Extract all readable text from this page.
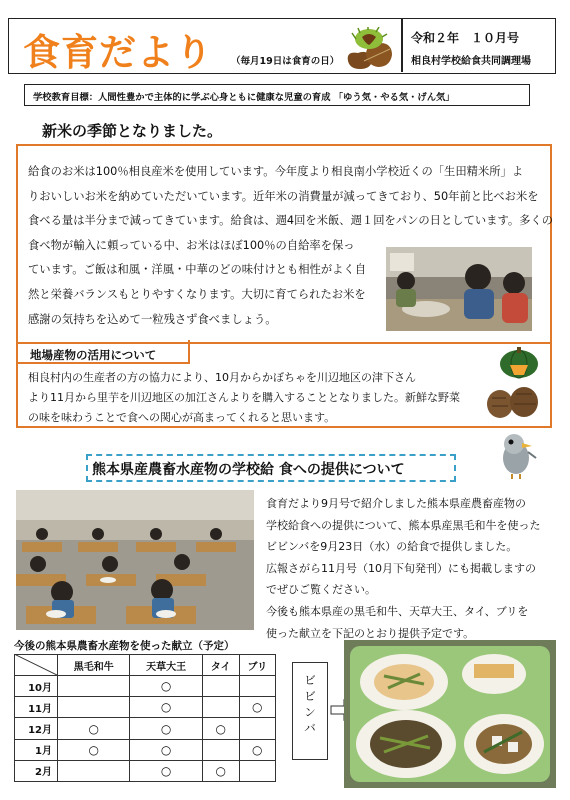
食育だより （毎月19日は食育の日）
令和２年　１０月号
相良村学校給食共同調理場
学校教育目標：人間性豊かで主体的に学ぶ心身ともに健康な児童の育成 「ゆう気・やる気・げん気」
新米の季節となりました。

給食のお米は100％相良産米を使用しています。今年度より相良南小学校近くの「生田精米所」よ

りおいしいお米を納めていただいています。近年米の消費量が減ってきており、50年前と比べお米を

食べる量は半分まで減ってきています。給食は、週4回を米飯、週１回をパンの日としています。多くの

食べ物が輸入に頼っている中、お米はほぼ100％の自給率を保っ

ています。ご飯は和風・洋風・中華のどの味付けとも相性がよく自

然と栄養バランスもとりやすくなります。大切に育てられたお米を

感謝の気持ちを込めて一粒残さず食べましょう。

地場産物の活用について

相良村内の生産者の方の協力により、10月からかぼちゃを川辺地区の津下さん

より11月から里芋を川辺地区の加江さんよりを購入することとなりました。新鮮な野菜

の味を味わうことで食への関心が高まってくれると思います。

熊本県産農畜水産物の学校給 食への提供について

食育だより9月号で紹介しました熊本県産農畜産物の

学校給食への提供について、熊本県産黒毛和牛を使った

ビビンバを9月23日（水）の給食で提供しました。

広報さがら11月号（10月下旬発刊）にも掲載しますの

でぜひご覧ください。

今後も熊本県産の黒毛和牛、天草大王、タイ、ブリを

使った献立を下記のとおり提供予定です。

今後の熊本県農畜水産物を使った献立（予定）
	黒毛和牛	天草大王	タイ	ブリ
10月		○		
11月		○		○
12月	○	○	○	
1月	○	○		○
2月		○	○	
ビビンバ
